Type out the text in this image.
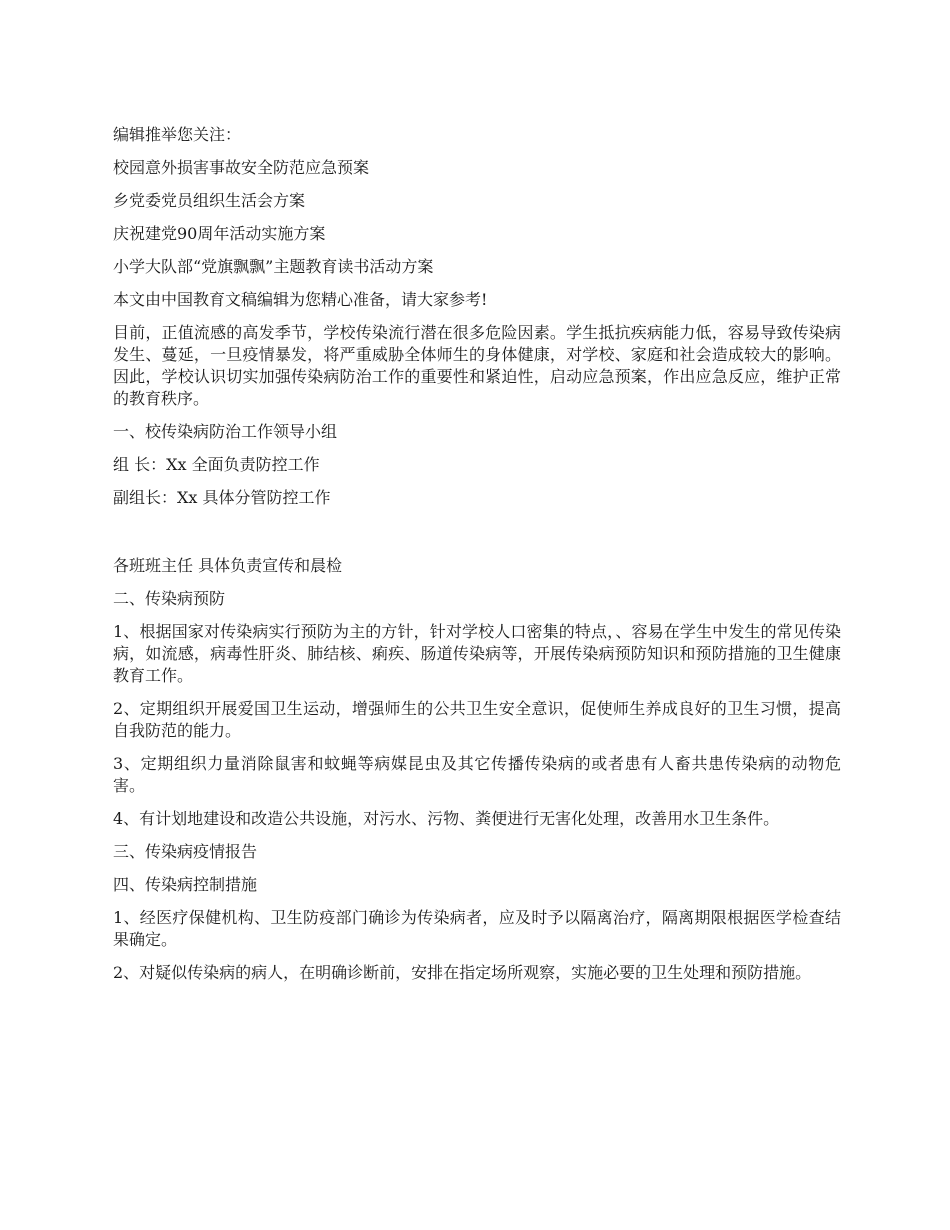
编辑推举您关注：

校园意外损害事故安全防范应急预案

乡党委党员组织生活会方案

庆祝建党90周年活动实施方案

小学大队部“党旗飘飘”主题教育读书活动方案

本文由中国教育文稿编辑为您精心准备，请大家参考!

目前，正值流感的高发季节，学校传染流行潜在很多危险因素。学生抵抗疾病能力低，容易导致传染病发生、蔓延，一旦疫情暴发，将严重威胁全体师生的身体健康，对学校、家庭和社会造成较大的影响。因此，学校认识切实加强传染病防治工作的重要性和紧迫性，启动应急预案，作出应急反应，维护正常的教育秩序。

一、校传染病防治工作领导小组

组 长：Xx 全面负责防控工作

副组长：Xx 具体分管防控工作

各班班主任 具体负责宣传和晨检

二、传染病预防

1、根据国家对传染病实行预防为主的方针，针对学校人口密集的特点，、容易在学生中发生的常见传染病，如流感，病毒性肝炎、肺结核、痢疾、肠道传染病等，开展传染病预防知识和预防措施的卫生健康教育工作。

2、定期组织开展爱国卫生运动，增强师生的公共卫生安全意识，促使师生养成良好的卫生习惯，提高自我防范的能力。

3、定期组织力量消除鼠害和蚊蝇等病媒昆虫及其它传播传染病的或者患有人畜共患传染病的动物危害。

4、有计划地建设和改造公共设施，对污水、污物、粪便进行无害化处理，改善用水卫生条件。

三、传染病疫情报告

四、传染病控制措施

1、经医疗保健机构、卫生防疫部门确诊为传染病者，应及时予以隔离治疗，隔离期限根据医学检查结果确定。

2、对疑似传染病的病人，在明确诊断前，安排在指定场所观察，实施必要的卫生处理和预防措施。
